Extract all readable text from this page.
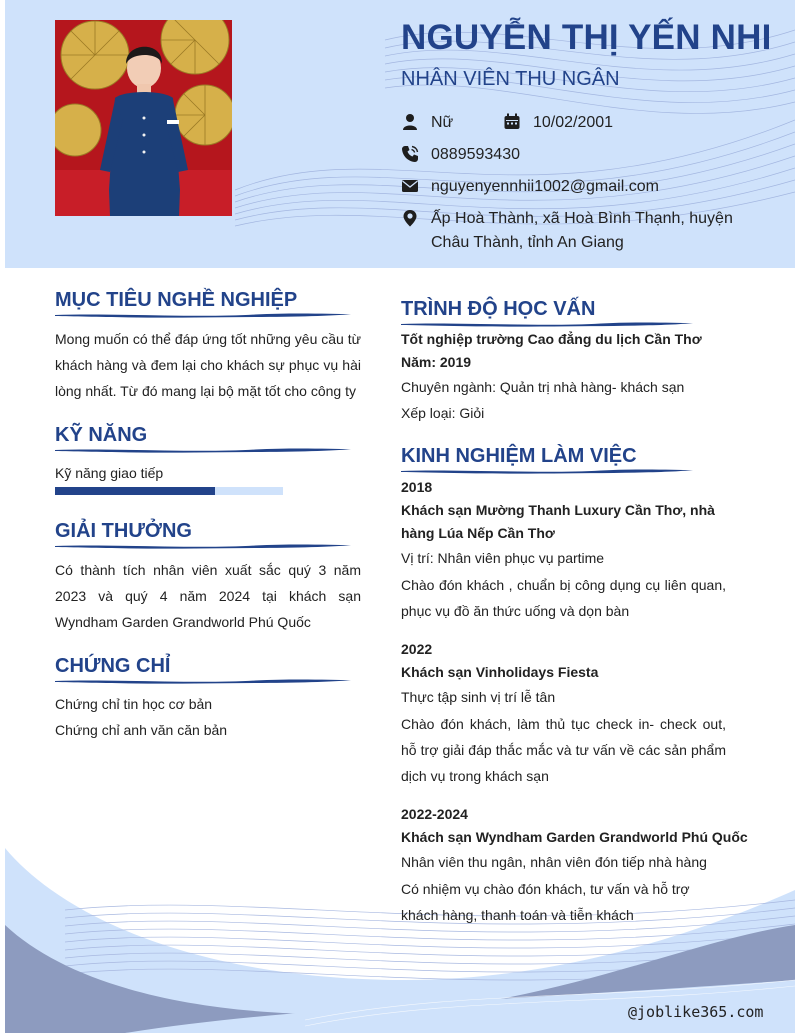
NGUYỄN THỊ YẾN NHI
NHÂN VIÊN THU NGÂN
Nữ	10/02/2001
0889593430
nguyenyennhii1002@gmail.com
Ấp Hoà Thành, xã Hoà Bình Thạnh, huyện Châu Thành, tỉnh An Giang
MỤC TIÊU NGHỀ NGHIỆP
Mong muốn có thể đáp ứng tốt những yêu cầu từ khách hàng và đem lại cho khách sự phục vụ hài lòng nhất. Từ đó mang lại bộ mặt tốt cho công ty
KỸ NĂNG
Kỹ năng giao tiếp
GIẢI THƯỞNG
Có thành tích nhân viên xuất sắc quý 3 năm 2023 và quý 4 năm 2024 tại khách sạn Wyndham Garden Grandworld Phú Quốc
CHỨNG CHỈ
Chứng chỉ tin học cơ bản
Chứng chỉ anh văn căn bản
TRÌNH ĐỘ HỌC VẤN
Tốt nghiệp trường Cao đẳng du lịch Cần Thơ
Năm: 2019
Chuyên ngành: Quản trị nhà hàng- khách sạn
Xếp loại: Giỏi
KINH NGHIỆM LÀM VIỆC
2018
Khách sạn Mường Thanh Luxury Cần Thơ, nhà hàng Lúa Nếp Cần Thơ
Vị trí: Nhân viên phục vụ partime
Chào đón khách , chuẩn bị công dụng cụ liên quan, phục vụ đồ ăn thức uống và dọn bàn
2022
Khách sạn Vinholidays Fiesta
Thực tập sinh vị trí lễ tân
Chào đón khách, làm thủ tục check in- check out, hỗ trợ giải đáp thắc mắc và tư vấn về các sản phẩm dịch vụ trong khách sạn
2022-2024
Khách sạn Wyndham Garden Grandworld Phú Quốc
Nhân viên thu ngân, nhân viên đón tiếp nhà hàng
Có nhiệm vụ chào đón khách, tư vấn và hỗ trợ khách hàng, thanh toán và tiễn khách
@joblike365.com
